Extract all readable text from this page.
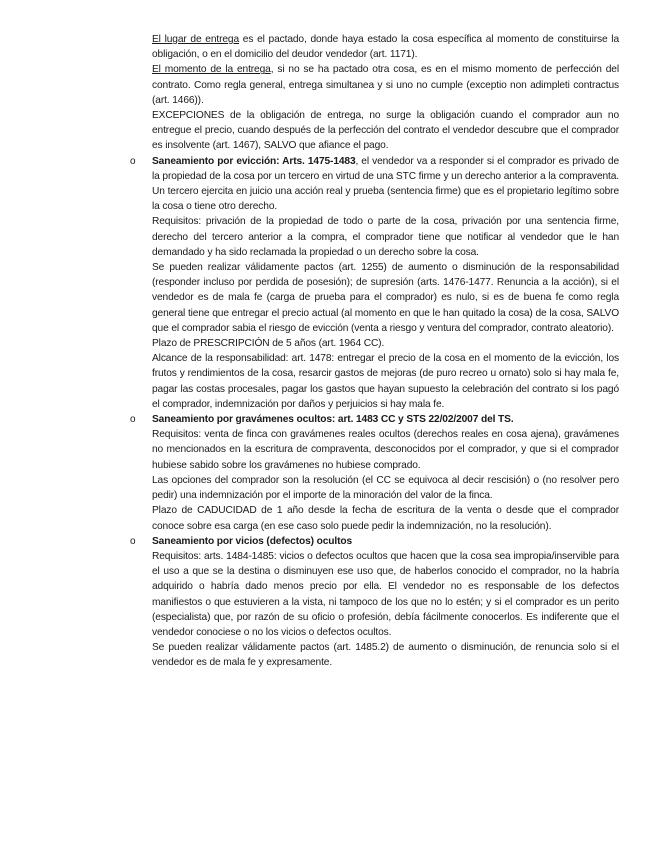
El lugar de entrega es el pactado, donde haya estado la cosa específica al momento de constituirse la obligación, o en el domicilio del deudor vendedor (art. 1171).

El momento de la entrega, si no se ha pactado otra cosa, es en el mismo momento de perfección del contrato. Como regla general, entrega simultanea y si uno no cumple (exceptio non adimpleti contractus (art. 1466)).

EXCEPCIONES de la obligación de entrega, no surge la obligación cuando el comprador aun no entregue el precio, cuando después de la perfección del contrato el vendedor descubre que el comprador es insolvente (art. 1467), SALVO que afiance el pago.

o Saneamiento por evicción: Arts. 1475-1483, el vendedor va a responder si el comprador es privado de la propiedad de la cosa por un tercero en virtud de una STC firme y un derecho anterior a la compraventa. Un tercero ejercita en juicio una acción real y prueba (sentencia firme) que es el propietario legítimo sobre la cosa o tiene otro derecho.

Requisitos: privación de la propiedad de todo o parte de la cosa, privación por una sentencia firme, derecho del tercero anterior a la compra, el comprador tiene que notificar al vendedor que le han demandado y ha sido reclamada la propiedad o un derecho sobre la cosa.

Se pueden realizar válidamente pactos (art. 1255) de aumento o disminución de la responsabilidad (responder incluso por perdida de posesión); de supresión (arts. 1476-1477. Renuncia a la acción), si el vendedor es de mala fe (carga de prueba para el comprador) es nulo, si es de buena fe como regla general tiene que entregar el precio actual (al momento en que le han quitado la cosa) de la cosa, SALVO que el comprador sabia el riesgo de evicción (venta a riesgo y ventura del comprador, contrato aleatorio).

Plazo de PRESCRIPCIÓN de 5 años (art. 1964 CC).

Alcance de la responsabilidad: art. 1478: entregar el precio de la cosa en el momento de la evicción, los frutos y rendimientos de la cosa, resarcir gastos de mejoras (de puro recreo u ornato) solo si hay mala fe, pagar las costas procesales, pagar los gastos que hayan supuesto la celebración del contrato si los pagó el comprador, indemnización por daños y perjuicios si hay mala fe.

o Saneamiento por gravámenes ocultos: art. 1483 CC y STS 22/02/2007 del TS.

Requisitos: venta de finca con gravámenes reales ocultos (derechos reales en cosa ajena), gravámenes no mencionados en la escritura de compraventa, desconocidos por el comprador, y que si el comprador hubiese sabido sobre los gravámenes no hubiese comprado.

Las opciones del comprador son la resolución (el CC se equivoca al decir rescisión) o (no resolver pero pedir) una indemnización por el importe de la minoración del valor de la finca.

Plazo de CADUCIDAD de 1 año desde la fecha de escritura de la venta o desde que el comprador conoce sobre esa carga (en ese caso solo puede pedir la indemnización, no la resolución).

o Saneamiento por vicios (defectos) ocultos

Requisitos: arts. 1484-1485: vicios o defectos ocultos que hacen que la cosa sea impropia/inservible para el uso a que se la destina o disminuyen ese uso que, de haberlos conocido el comprador, no la habría adquirido o habría dado menos precio por ella. El vendedor no es responsable de los defectos manifiestos o que estuvieren a la vista, ni tampoco de los que no lo estén; y si el comprador es un perito (especialista) que, por razón de su oficio o profesión, debía fácilmente conocerlos. Es indiferente que el vendedor conociese o no los vicios o defectos ocultos.

Se pueden realizar válidamente pactos (art. 1485.2) de aumento o disminución, de renuncia solo si el vendedor es de mala fe y expresamente.
